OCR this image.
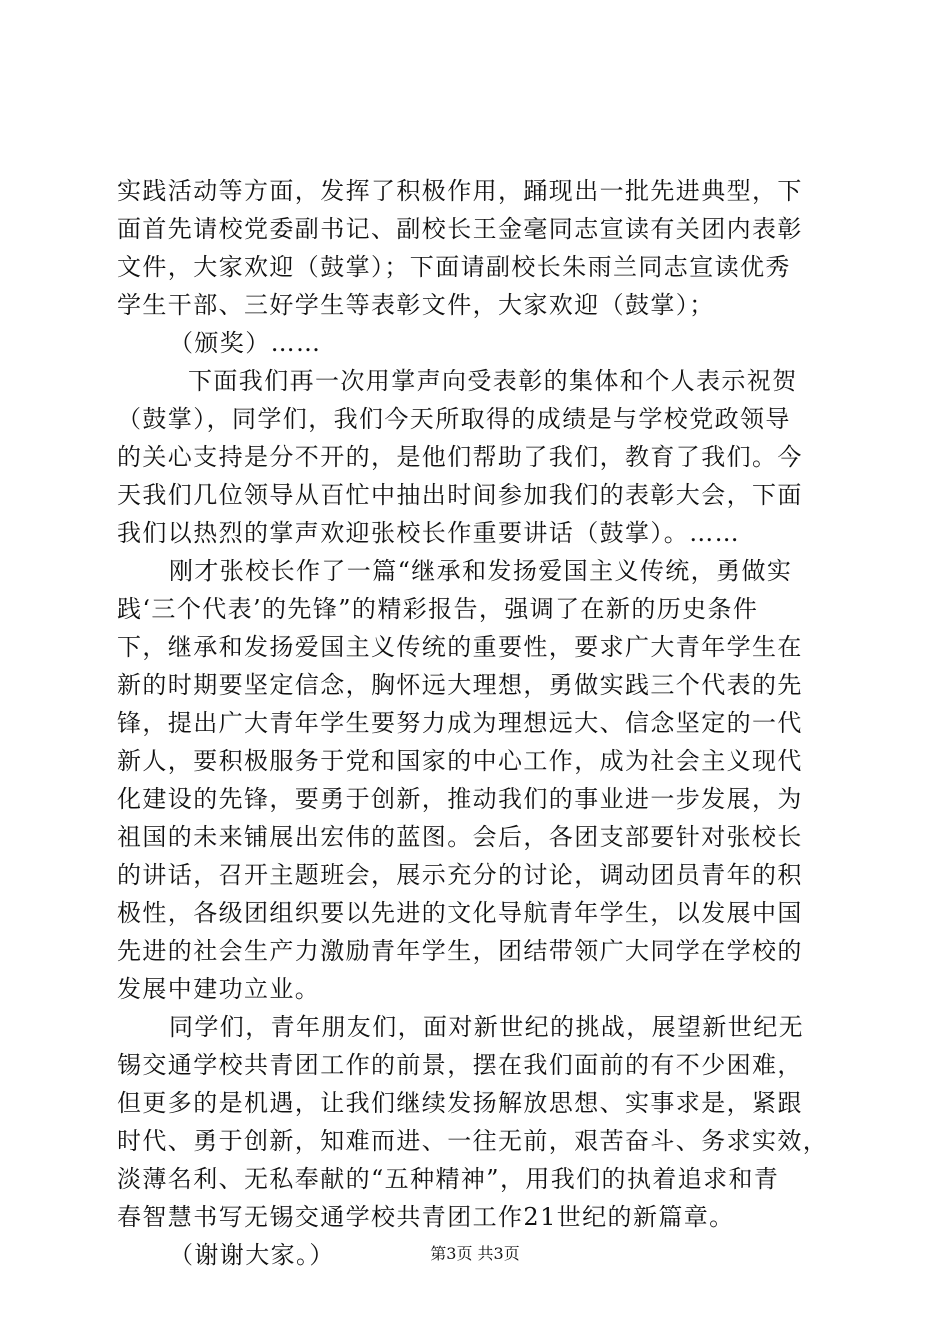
实践活动等方面，发挥了积极作用，踊现出一批先进典型，下
面首先请校党委副书记、副校长王金毫同志宣读有关团内表彰
文件，大家欢迎（鼓掌）；下面请副校长朱雨兰同志宣读优秀
学生干部、三好学生等表彰文件，大家欢迎（鼓掌）；
（颁奖）……
下面我们再一次用掌声向受表彰的集体和个人表示祝贺
（鼓掌），同学们，我们今天所取得的成绩是与学校党政领导
的关心支持是分不开的，是他们帮助了我们，教育了我们。今
天我们几位领导从百忙中抽出时间参加我们的表彰大会，下面
我们以热烈的掌声欢迎张校长作重要讲话（鼓掌）。……
刚才张校长作了一篇“继承和发扬爱国主义传统，勇做实
践‘三个代表’的先锋”的精彩报告，强调了在新的历史条件
下，继承和发扬爱国主义传统的重要性，要求广大青年学生在
新的时期要坚定信念，胸怀远大理想，勇做实践三个代表的先
锋，提出广大青年学生要努力成为理想远大、信念坚定的一代
新人，要积极服务于党和国家的中心工作，成为社会主义现代
化建设的先锋，要勇于创新，推动我们的事业进一步发展，为
祖国的未来铺展出宏伟的蓝图。会后，各团支部要针对张校长
的讲话，召开主题班会，展示充分的讨论，调动团员青年的积
极性，各级团组织要以先进的文化导航青年学生，以发展中国
先进的社会生产力激励青年学生，团结带领广大同学在学校的
发展中建功立业。
同学们，青年朋友们，面对新世纪的挑战，展望新世纪无
锡交通学校共青团工作的前景，摆在我们面前的有不少困难，
但更多的是机遇，让我们继续发扬解放思想、实事求是，紧跟
时代、勇于创新，知难而进、一往无前，艰苦奋斗、务求实效，
淡薄名利、无私奉献的“五种精神”，用我们的执着追求和青
春智慧书写无锡交通学校共青团工作21世纪的新篇章。
（谢谢大家。）	第3页 共3页
